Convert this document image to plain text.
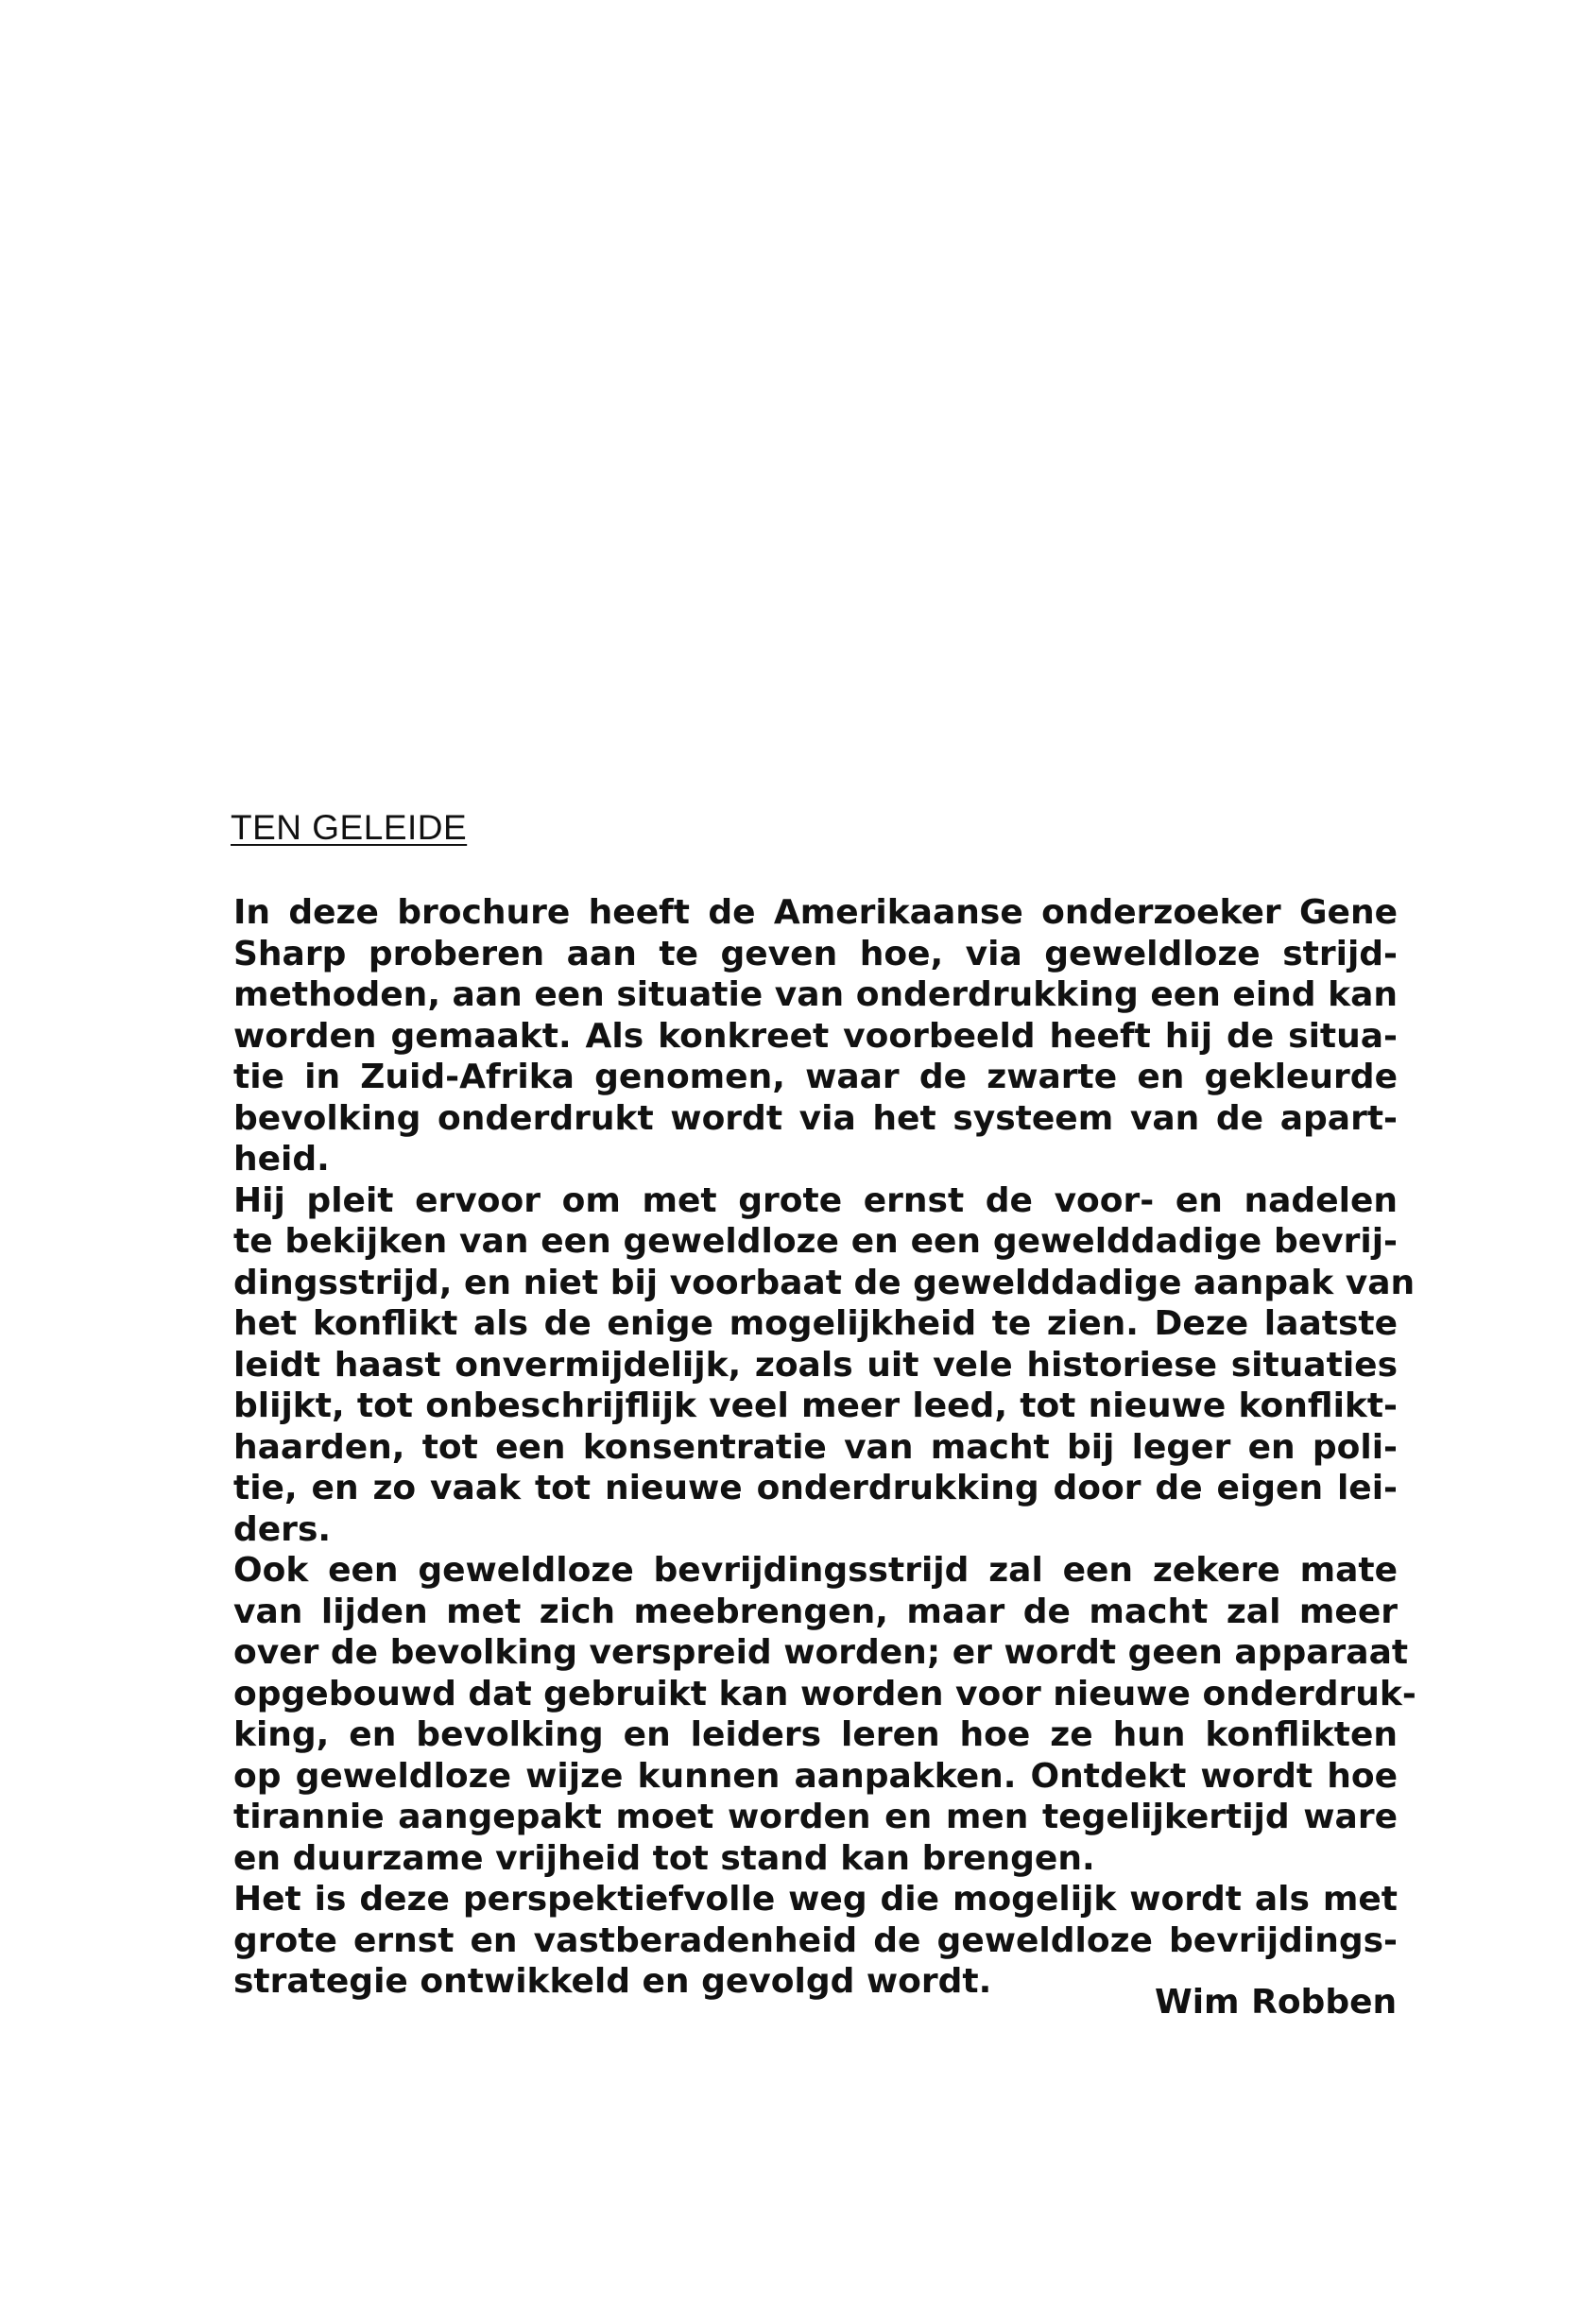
TEN GELEIDE
In deze brochure heeft de Amerikaanse onderzoeker Gene
Sharp proberen aan te geven hoe, via geweldloze strijd-
methoden, aan een situatie van onderdrukking een eind kan
worden gemaakt. Als konkreet voorbeeld heeft hij de situa-
tie in Zuid-Afrika genomen, waar de zwarte en gekleurde
bevolking onderdrukt wordt via het systeem van de apart-
heid.
Hij pleit ervoor om met grote ernst de voor- en nadelen
te bekijken van een geweldloze en een gewelddadige bevrij-
dingsstrijd, en niet bij voorbaat de gewelddadige aanpak van
het konflikt als de enige mogelijkheid te zien. Deze laatste
leidt haast onvermijdelijk, zoals uit vele historiese situaties
blijkt, tot onbeschrijflijk veel meer leed, tot nieuwe konflikt-
haarden, tot een konsentratie van macht bij leger en poli-
tie, en zo vaak tot nieuwe onderdrukking door de eigen lei-
ders.
Ook een geweldloze bevrijdingsstrijd zal een zekere mate
van lijden met zich meebrengen, maar de macht zal meer
over de bevolking verspreid worden; er wordt geen apparaat
opgebouwd dat gebruikt kan worden voor nieuwe onderdruk-
king, en bevolking en leiders leren hoe ze hun konflikten
op geweldloze wijze kunnen aanpakken. Ontdekt wordt hoe
tirannie aangepakt moet worden en men tegelijkertijd ware
en duurzame vrijheid tot stand kan brengen.
Het is deze perspektiefvolle weg die mogelijk wordt als met
grote ernst en vastberadenheid de geweldloze bevrijdings-
strategie ontwikkeld en gevolgd wordt.
Wim Robben
